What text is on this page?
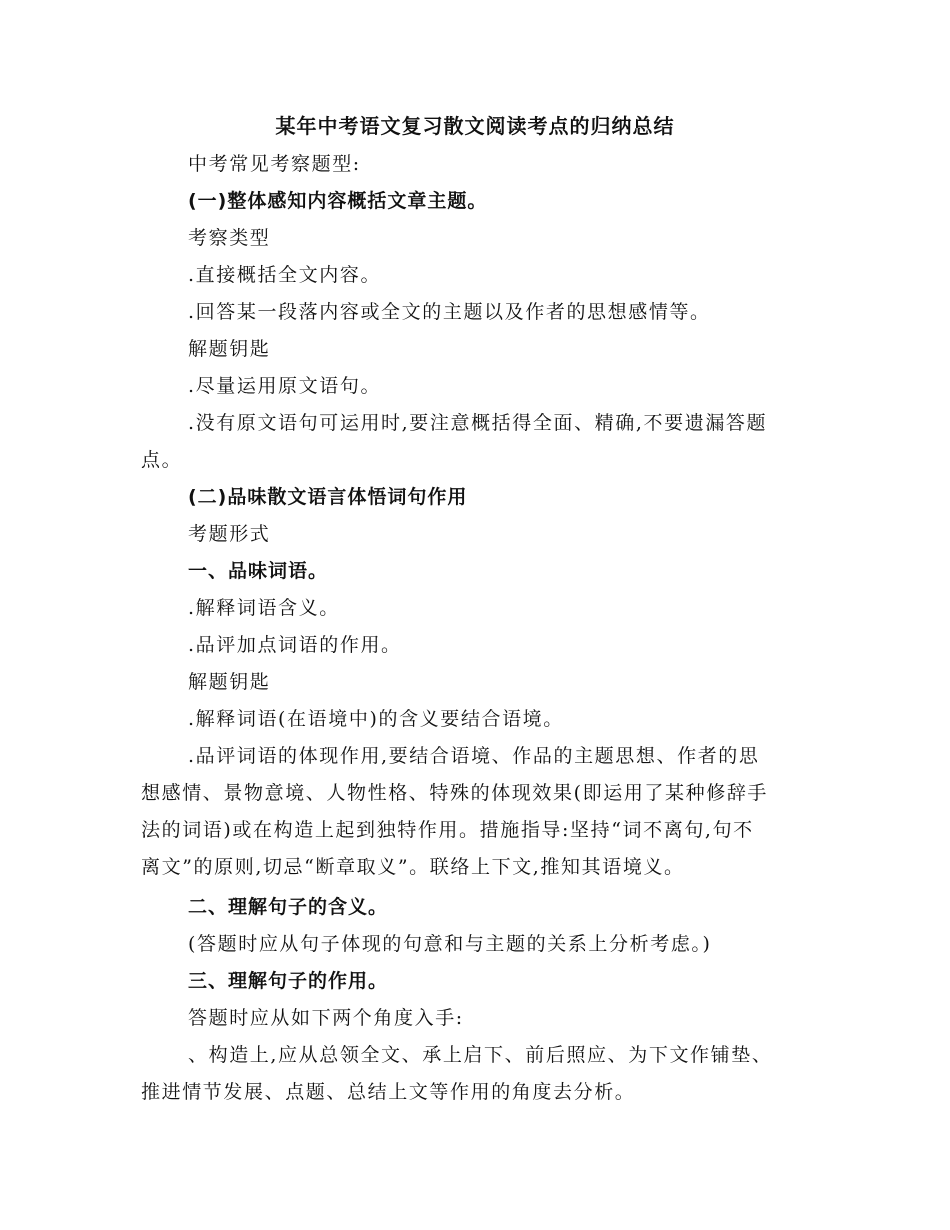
某年中考语文复习散文阅读考点的归纳总结
中考常见考察题型:
(一)整体感知内容概括文章主题。
考察类型
.直接概括全文内容。
.回答某一段落内容或全文的主题以及作者的思想感情等。
解题钥匙
.尽量运用原文语句。
.没有原文语句可运用时,要注意概括得全面、精确,不要遗漏答题
点。
(二)品味散文语言体悟词句作用
考题形式
一、品味词语。
.解释词语含义。
.品评加点词语的作用。
解题钥匙
.解释词语(在语境中)的含义要结合语境。
.品评词语的体现作用,要结合语境、作品的主题思想、作者的思
想感情、景物意境、人物性格、特殊的体现效果(即运用了某种修辞手
法的词语)或在构造上起到独特作用。措施指导:坚持“词不离句,句不
离文”的原则,切忌“断章取义”。联络上下文,推知其语境义。
二、理解句子的含义。
(答题时应从句子体现的句意和与主题的关系上分析考虑。)
三、理解句子的作用。
答题时应从如下两个角度入手:
、构造上,应从总领全文、承上启下、前后照应、为下文作铺垫、
推进情节发展、点题、总结上文等作用的角度去分析。
